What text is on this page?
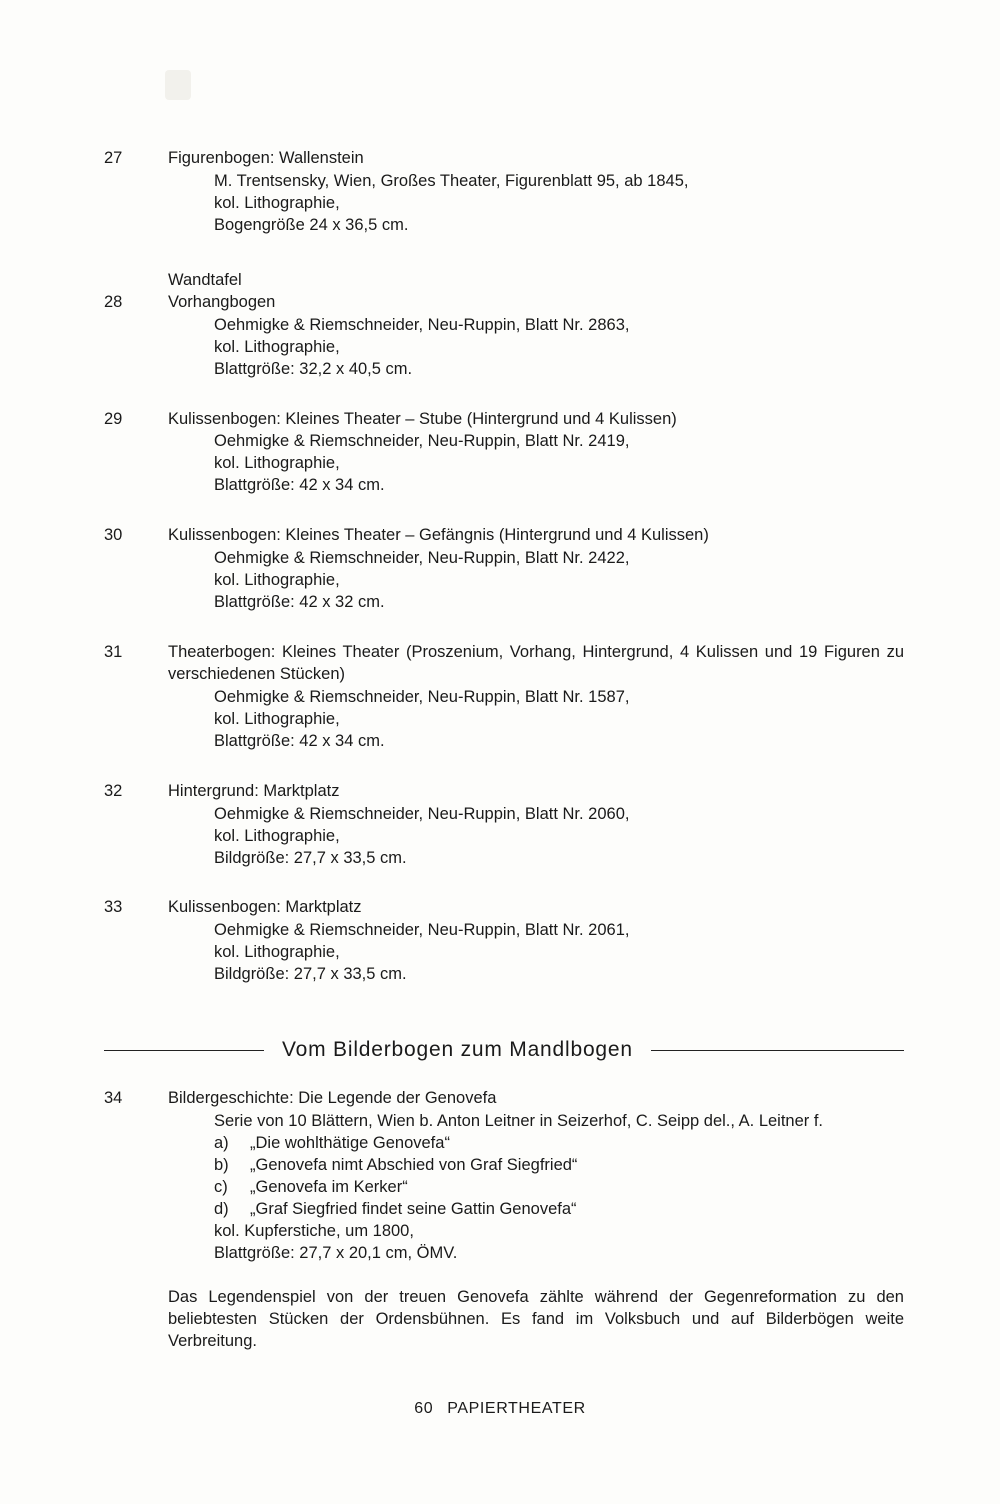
27	Figurenbogen: Wallenstein
M. Trentsensky, Wien, Großes Theater, Figurenblatt 95, ab 1845,
kol. Lithographie,
Bogengröße 24 x 36,5 cm.
Wandtafel
28	Vorhangbogen
Oehmigke & Riemschneider, Neu-Ruppin, Blatt Nr. 2863,
kol. Lithographie,
Blattgröße: 32,2 x 40,5 cm.
29	Kulissenbogen: Kleines Theater – Stube (Hintergrund und 4 Kulissen)
Oehmigke & Riemschneider, Neu-Ruppin, Blatt Nr. 2419,
kol. Lithographie,
Blattgröße: 42 x 34 cm.
30	Kulissenbogen: Kleines Theater – Gefängnis (Hintergrund und 4 Kulissen)
Oehmigke & Riemschneider, Neu-Ruppin, Blatt Nr. 2422,
kol. Lithographie,
Blattgröße: 42 x 32 cm.
31	Theaterbogen: Kleines Theater (Proszenium, Vorhang, Hintergrund, 4 Kulissen und 19 Figuren zu verschiedenen Stücken)
Oehmigke & Riemschneider, Neu-Ruppin, Blatt Nr. 1587,
kol. Lithographie,
Blattgröße: 42 x 34 cm.
32	Hintergrund: Marktplatz
Oehmigke & Riemschneider, Neu-Ruppin, Blatt Nr. 2060,
kol. Lithographie,
Bildgröße: 27,7 x 33,5 cm.
33	Kulissenbogen: Marktplatz
Oehmigke & Riemschneider, Neu-Ruppin, Blatt Nr. 2061,
kol. Lithographie,
Bildgröße: 27,7 x 33,5 cm.
Vom Bilderbogen zum Mandlbogen
34	Bildergeschichte: Die Legende der Genovefa
Serie von 10 Blättern, Wien b. Anton Leitner in Seizerhof, C. Seipp del., A. Leitner f.
a)	„Die wohlthätige Genovefa“
b)	„Genovefa nimt Abschied von Graf Siegfried“
c)	„Genovefa im Kerker“
d)	„Graf Siegfried findet seine Gattin Genovefa“
kol. Kupferstiche, um 1800,
Blattgröße: 27,7 x 20,1 cm, ÖMV.
Das Legendenspiel von der treuen Genovefa zählte während der Gegenreformation zu den beliebtesten Stücken der Ordensbühnen. Es fand im Volksbuch und auf Bilderbögen weite Verbreitung.
60 PAPIERTHEATER
